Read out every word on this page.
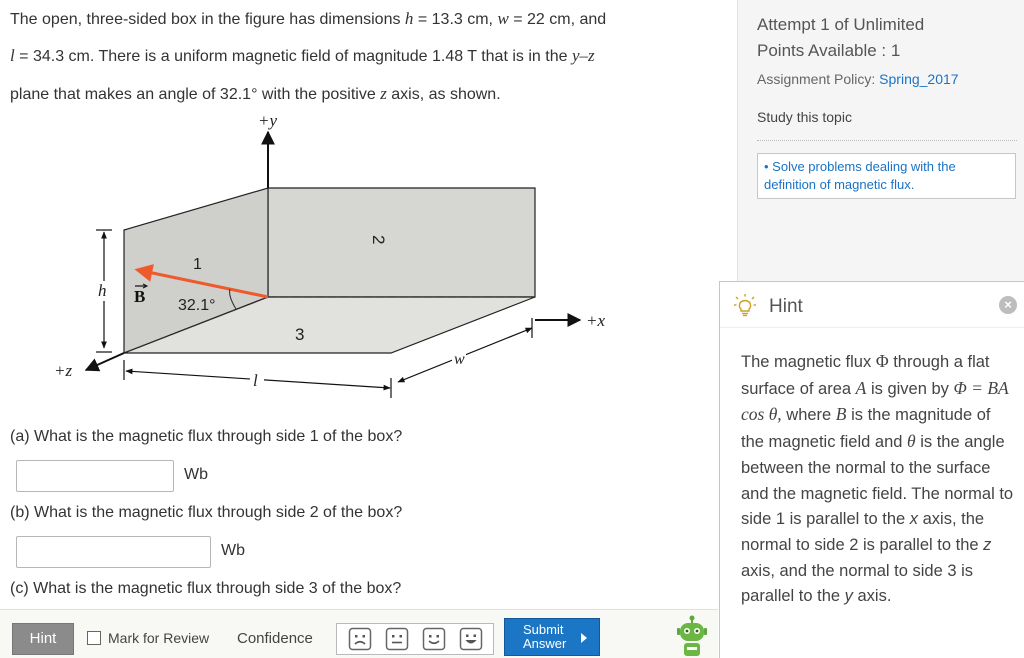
The open, three-sided box in the figure has dimensions h = 13.3 cm, w = 22 cm, and
l = 34.3 cm. There is a uniform magnetic field of magnitude 1.48 T that is in the y–z
plane that makes an angle of 32.1° with the positive z axis, as shown.
+y
+x
+z
h
l
w
B 32.1°
1
2
3
(a) What is the magnetic flux through side 1 of the box?
Wb
(b) What is the magnetic flux through side 2 of the box?
Wb
(c) What is the magnetic flux through side 3 of the box?
Hint	Mark for Review Confidence
Submit
Answer
Attempt 1 of Unlimited
Points Available : 1
Assignment Policy: Spring_2017
Study this topic
• Solve problems dealing with the definition of magnetic flux.
Hint	×
The magnetic flux Φ through a flat surface of area A is given by Φ = BA cos θ, where B is the magnitude of the magnetic field and θ is the angle between the normal to the surface and the magnetic field. The normal to side 1 is parallel to the x axis, the normal to side 2 is parallel to the z axis, and the normal to side 3 is parallel to the y axis.
